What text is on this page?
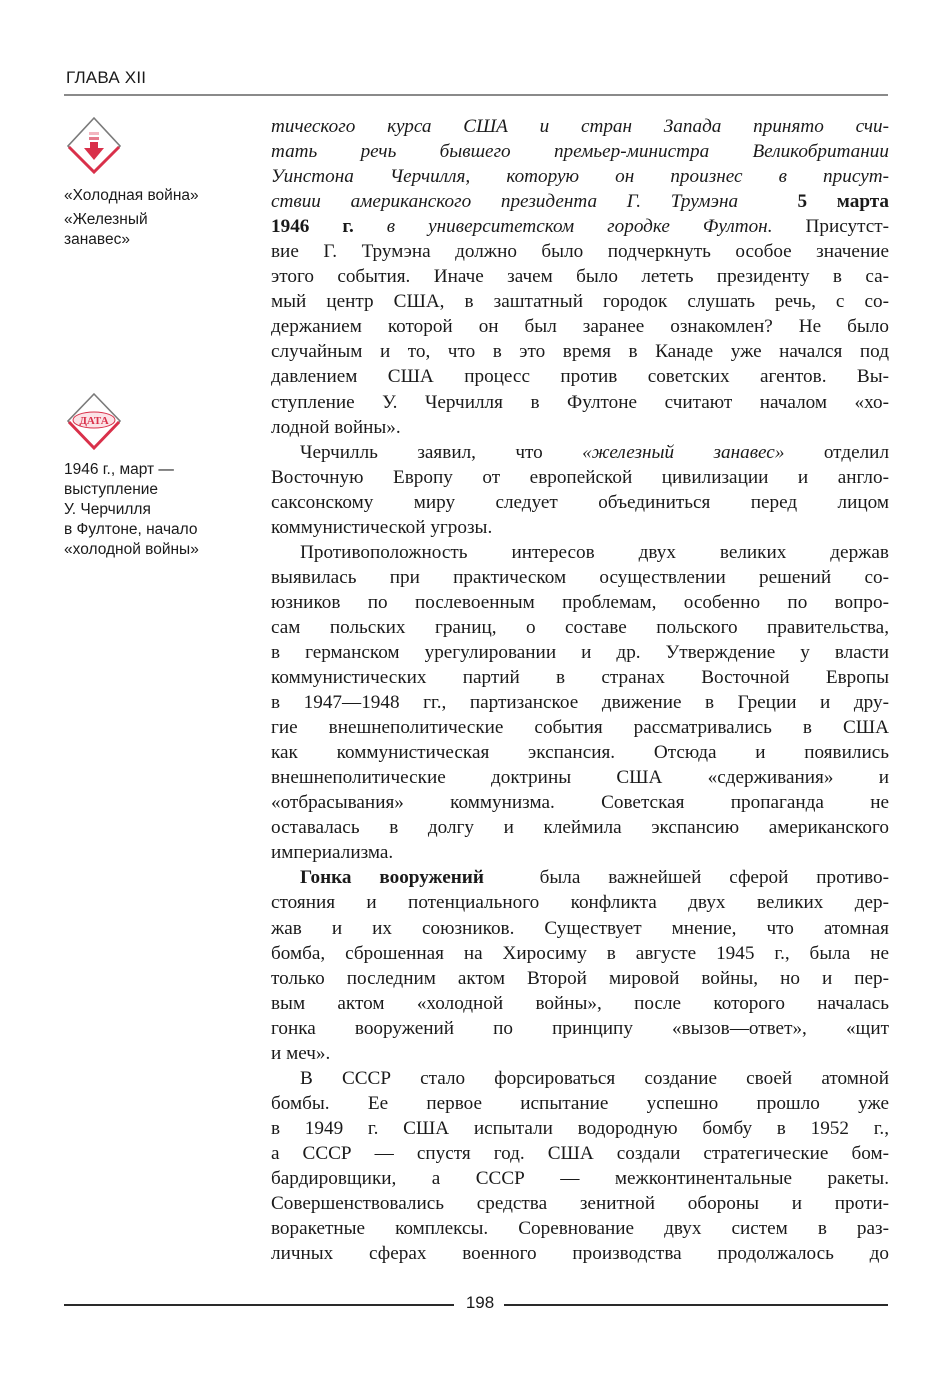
ГЛАВА XII
«Холодная война»
«Железный
занавес»
ДАТА
1946 г., март —
выступление
У. Черчилля
в Фултоне, начало
«холодной войны»

тического курса США и стран Запада принято счи-
тать речь бывшего премьер-министра Великобритании
Уинстона Черчилля, которую он произнес в присут-
ствии американского президента Г. Трумэна	5 марта
1946 г. в университетском городке Фултон. Присутст-
вие Г. Трумэна должно было подчеркнуть особое значение
этого события. Иначе зачем было лететь президенту в са-
мый центр США, в заштатный городок слушать речь, с со-
держанием которой он был заранее ознакомлен? Не было
случайным и то, что в это время в Канаде уже начался под
давлением США процесс против советских агентов. Вы-
ступление У. Черчилля в Фултоне считают началом «хо-
лодной войны».

Черчилль заявил, что «железный занавес» отделил
Восточную Европу от европейской цивилизации и англо-
саксонскому миру следует объединиться перед лицом
коммунистической угрозы.

Противоположность интересов двух великих держав
выявилась при практическом осуществлении решений со-
юзников по послевоенным проблемам, особенно по вопро-
сам польских границ, о составе польского правительства,
в германском урегулировании и др. Утверждение у власти
коммунистических партий в странах Восточной Европы
в 1947—1948 гг., партизанское движение в Греции и дру-
гие внешнеполитические события рассматривались в США
как коммунистическая экспансия. Отсюда и появились
внешнеполитические доктрины США «сдерживания» и
«отбрасывания» коммунизма. Советская пропаганда не
оставалась в долгу и клеймила экспансию американского
империализма.

Гонка вооружений	была важнейшей сферой противо-
стояния и потенциального конфликта двух великих дер-
жав и их союзников. Существует мнение, что атомная
бомба, сброшенная на Хиросиму в августе 1945 г., была не
только последним актом Второй мировой войны, но и пер-
вым актом «холодной войны», после которого началась
гонка вооружений по принципу «вызов—ответ», «щит
и меч».

В СССР стало форсироваться создание своей атомной
бомбы. Ее первое испытание успешно прошло уже
в 1949 г. США испытали водородную бомбу в 1952 г.,
а СССР — спустя год. США создали стратегические бом-
бардировщики, а СССР — межконтинентальные ракеты.
Совершенствовались средства зенитной обороны и проти-
воракетные комплексы. Соревнование двух систем в раз-
личных сферах военного производства продолжалось до

198
